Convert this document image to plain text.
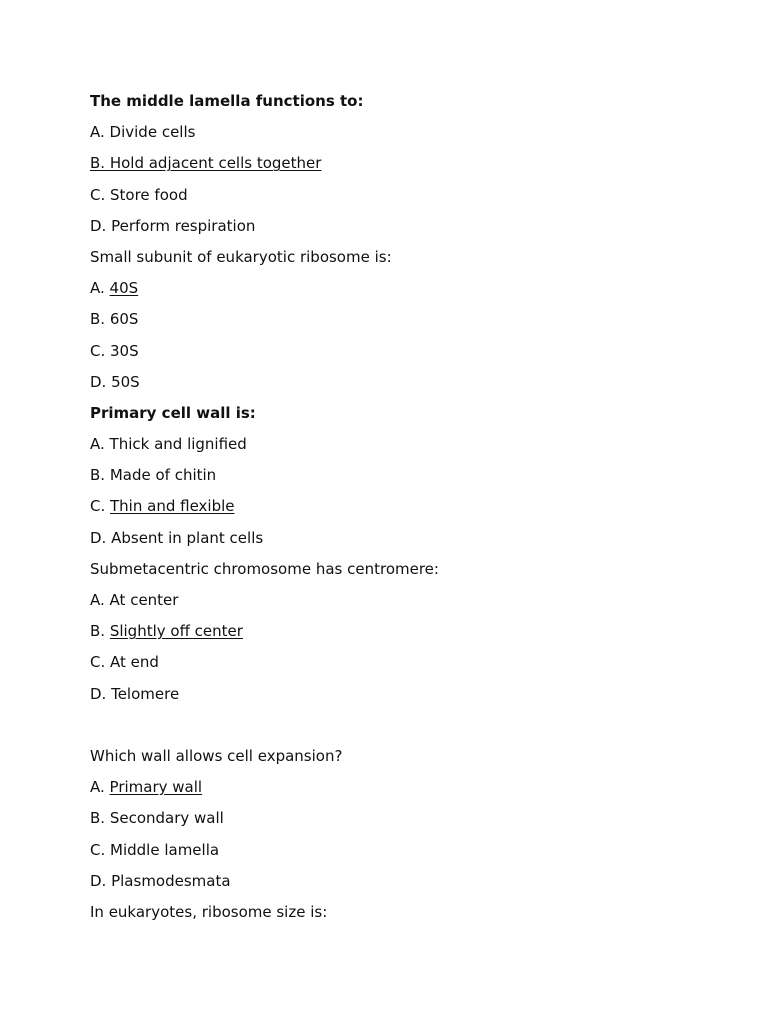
The middle lamella functions to:
A. Divide cells
B. Hold adjacent cells together
C. Store food
D. Perform respiration
Small subunit of eukaryotic ribosome is:
A. 40S
B. 60S
C. 30S
D. 50S
Primary cell wall is:
A. Thick and lignified
B. Made of chitin
C. Thin and flexible
D. Absent in plant cells
Submetacentric chromosome has centromere:
A. At center
B. Slightly off center
C. At end
D. Telomere
Which wall allows cell expansion?
A. Primary wall
B. Secondary wall
C. Middle lamella
D. Plasmodesmata
In eukaryotes, ribosome size is:
